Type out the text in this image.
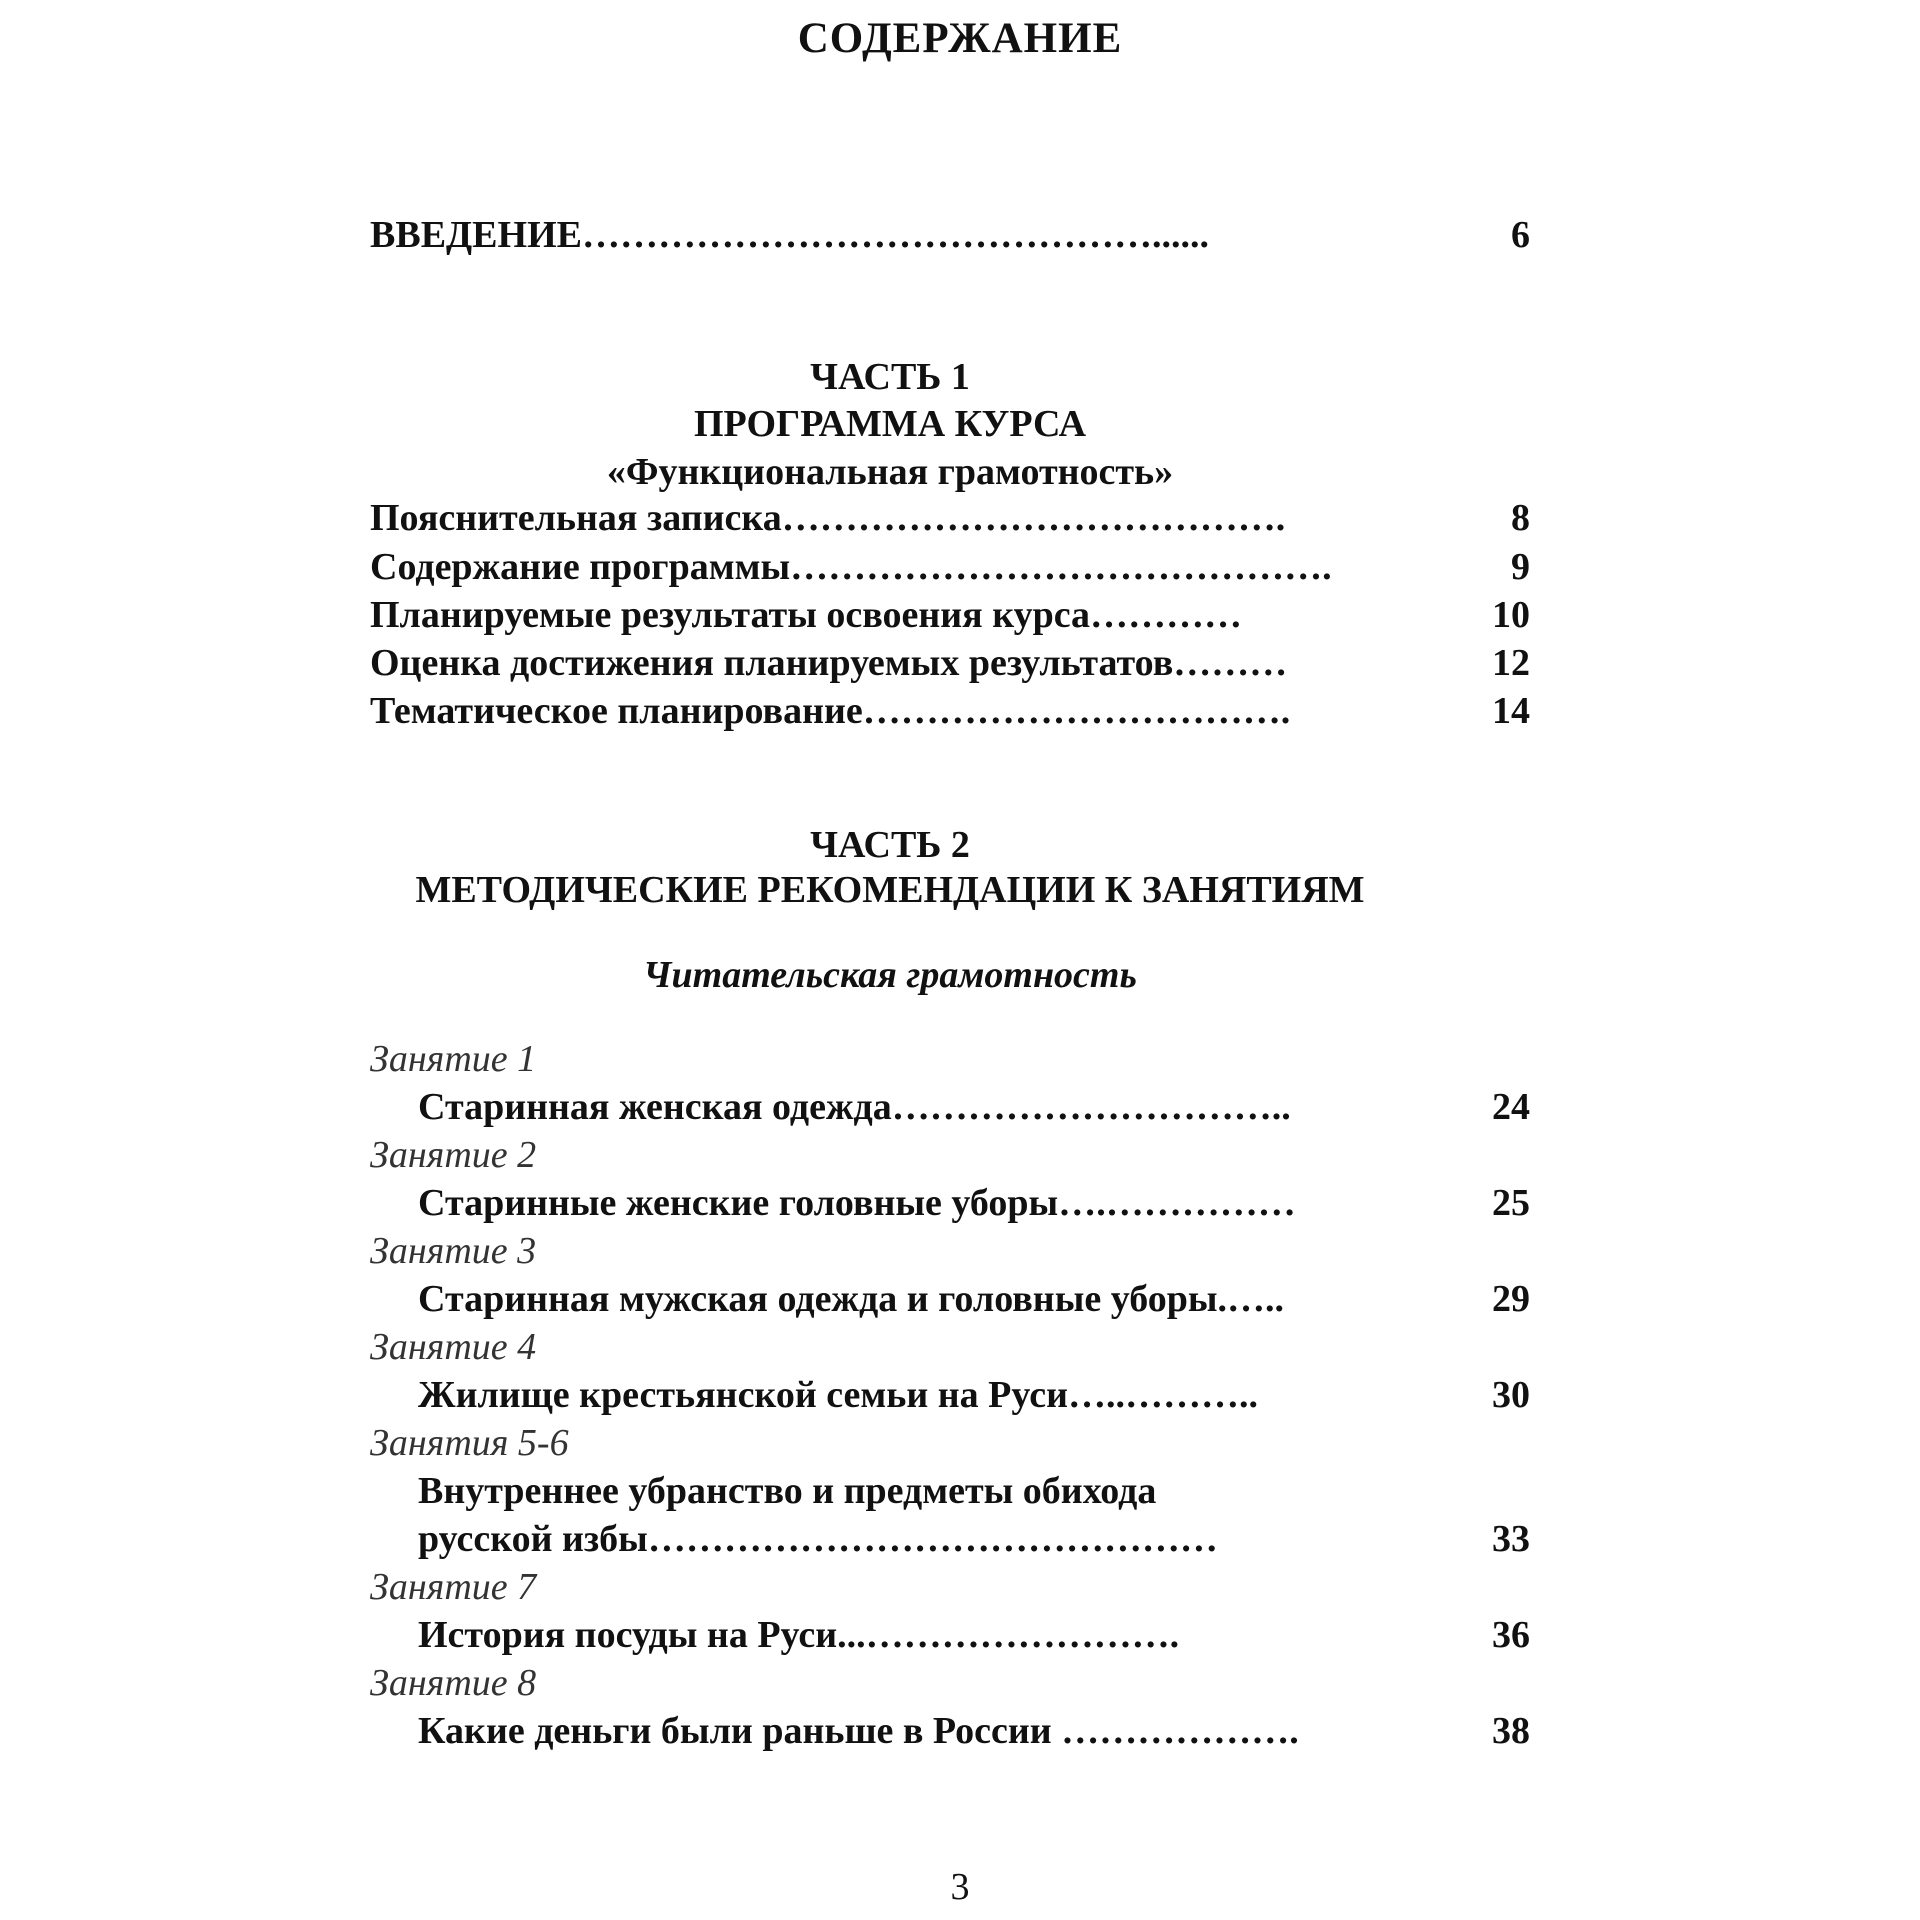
СОДЕРЖАНИЕ
ВВЕДЕНИЕ………………………………………......	6
ЧАСТЬ 1
ПРОГРАММА КУРСА
«Функциональная грамотность»
Пояснительная записка………………………………….	8
Содержание программы…………………………………….	9
Планируемые результаты освоения курса…………	10
Оценка достижения планируемых результатов………	12
Тематическое планирование…………………………….	14
ЧАСТЬ 2
МЕТОДИЧЕСКИЕ РЕКОМЕНДАЦИИ К ЗАНЯТИЯМ
Читательская грамотность
Занятие 1
Старинная женская одежда…………………………..	24
Занятие 2
Старинные женские головные уборы….……………	25
Занятие 3
Старинная мужская одежда и головные уборы.…..	29
Занятие 4
Жилище крестьянской семьи на Руси…..………..	30
Занятия 5-6
Внутреннее убранство и предметы обихода
русской избы………………………………………	33
Занятие 7
История посуды на Руси...…………………….	36
Занятие 8
Какие деньги были раньше в России ……………….	38
3
